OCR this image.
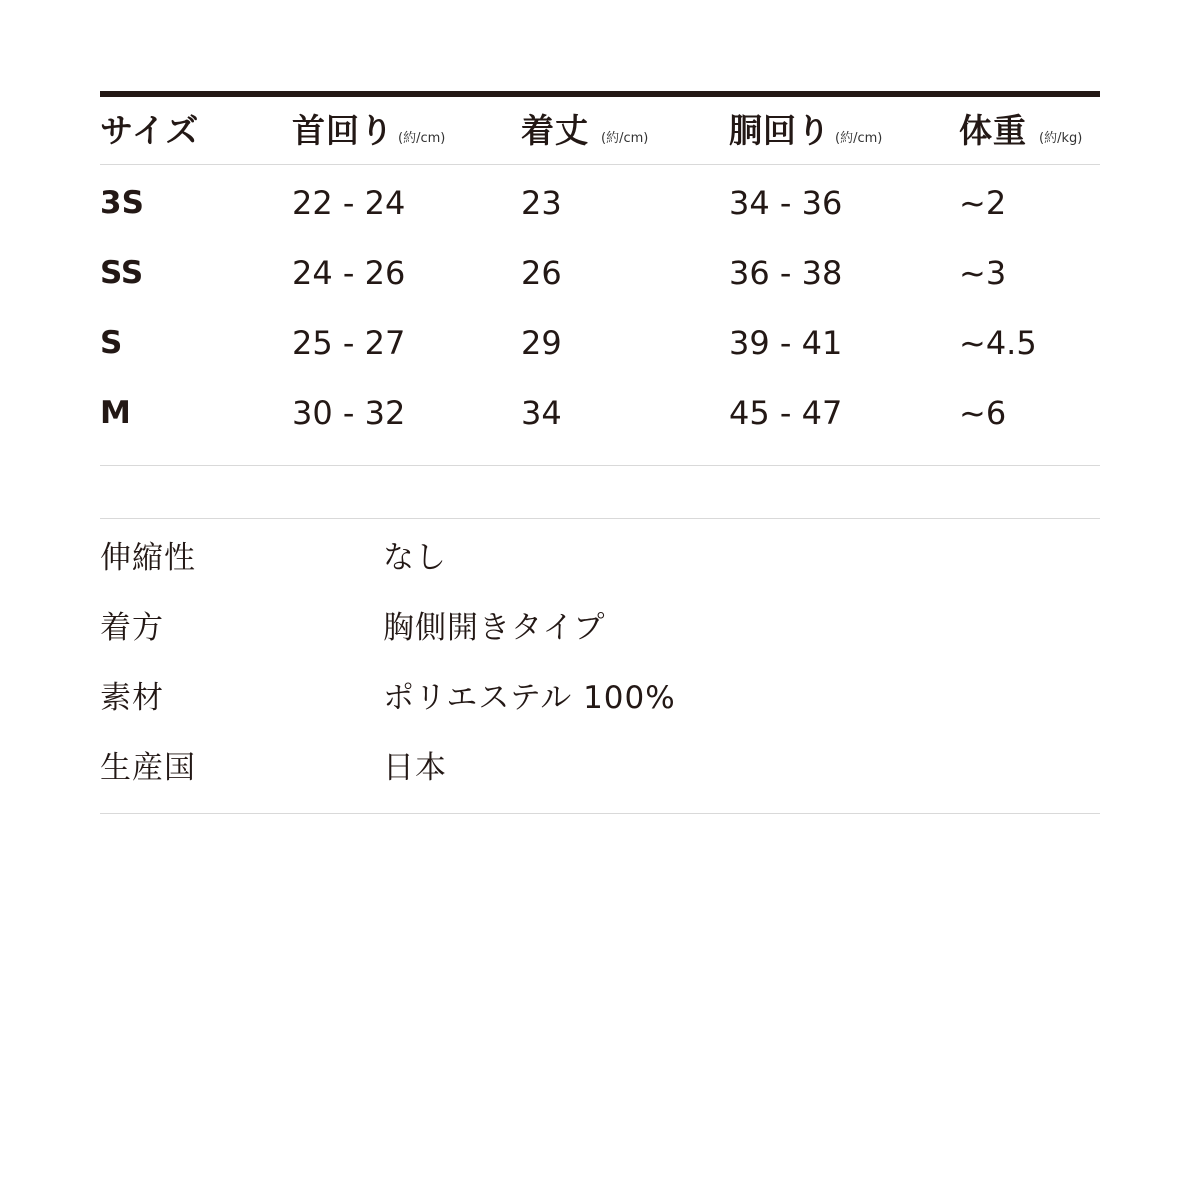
サイズ	首回り (約/cm) 着丈 (約/cm) 胴回り (約/cm) 体重 (約/kg)
3S	22 - 24	23	34 - 36	~2
SS	24 - 26	26	36 - 38	~3
S	25 - 27	29	39 - 41	~4.5
M	30 - 32	34	45 - 47	~6
伸縮性	なし
着方	胸側開きタイプ
素材	ポリエステル 100%
生産国	日本
